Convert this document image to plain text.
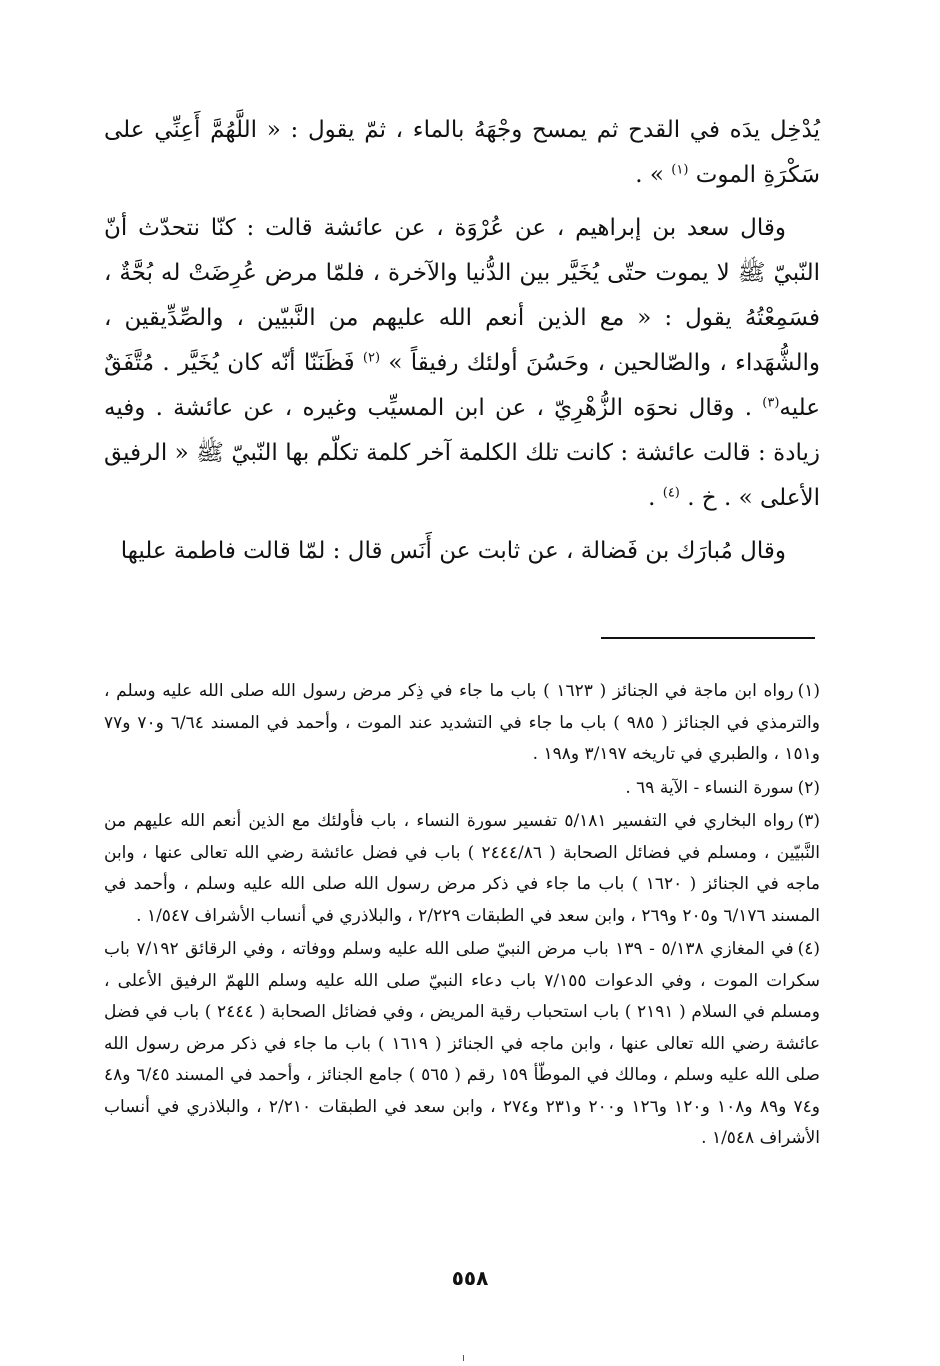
يُدْخِل يدَه في القدح ثم يمسح وجْهَهُ بالماء ، ثمّ يقول : « اللَّهُمَّ أَعِنِّي على سَكْرَةِ الموت $^{(١)}$ » .

وقال سعد بن إبراهيم ، عن عُرْوَة ، عن عائشة قالت : كنّا نتحدّث أنّ النّبيّ ﷺ لا يموت حتّى يُخَيَّر بين الدُّنيا والآخرة ، فلمّا مرض عُرِضَتْ له بُحَّةٌ ، فسَمِعْتُهُ يقول : « مع الذين أنعم الله عليهم من النَّبيّين ، والصِّدِّيقين ، والشُّهَداء ، والصّالحين ، وحَسُنَ أولئك رفيقاً » $^{(٢)}$ فَظَنَنّا أنّه كان يُخَيَّر . مُتَّفَقٌ عليه$^{(٣)}$ . وقال نحوَه الزُّهْرِيّ ، عن ابن المسيِّب وغيره ، عن عائشة . وفيه زيادة : قالت عائشة : كانت تلك الكلمة آخر كلمة تكلّم بها النّبيّ ﷺ « الرفيق الأعلى » . خ . $^{(٤)}$ .

وقال مُبارَك بن فَضالة ، عن ثابت عن أَنَس قال : لمّا قالت فاطمة عليها

(١)رواه ابن ماجة في الجنائز ( ١٦٢٣ ) باب ما جاء في ذِكر مرض رسول الله صلى الله عليه وسلم ، والترمذي في الجنائز ( ٩٨٥ ) باب ما جاء في التشديد عند الموت ، وأحمد في المسند ٦/٦٤ و٧٠ و٧٧ و١٥١ ، والطبري في تاريخه ٣/١٩٧ و١٩٨ .

(٢)سورة النساء - الآية ٦٩ .

(٣)رواه البخاري في التفسير ٥/١٨١ تفسير سورة النساء ، باب فأولئك مع الذين أنعم الله عليهم من النَّبيّين ، ومسلم في فضائل الصحابة ( ٢٤٤٤/٨٦ ) باب في فضل عائشة رضي الله تعالى عنها ، وابن ماجه في الجنائز ( ١٦٢٠ ) باب ما جاء في ذكر مرض رسول الله صلى الله عليه وسلم ، وأحمد في المسند ٦/١٧٦ و٢٠٥ و٢٦٩ ، وابن سعد في الطبقات ٢/٢٢٩ ، والبلاذري في أنساب الأشراف ١/٥٤٧ .

(٤)في المغازي ٥/١٣٨ - ١٣٩ باب مرض النبيّ صلى الله عليه وسلم ووفاته ، وفي الرقائق ٧/١٩٢ باب سكرات الموت ، وفي الدعوات ٧/١٥٥ باب دعاء النبيّ صلى الله عليه وسلم اللهمّ الرفيق الأعلى ، ومسلم في السلام ( ٢١٩١ ) باب استحباب رقية المريض ، وفي فضائل الصحابة ( ٢٤٤٤ ) باب في فضل عائشة رضي الله تعالى عنها ، وابن ماجه في الجنائز ( ١٦١٩ ) باب ما جاء في ذكر مرض رسول الله صلى الله عليه وسلم ، ومالك في الموطّأ ١٥٩ رقم ( ٥٦٥ ) جامع الجنائز ، وأحمد في المسند ٦/٤٥ و٤٨ و٧٤ و٨٩ و١٠٨ و١٢٠ و١٢٦ و٢٠٠ و٢٣١ و٢٧٤ ، وابن سعد في الطبقات ٢/٢١٠ ، والبلاذري في أنساب الأشراف ١/٥٤٨ .

٥٥٨
